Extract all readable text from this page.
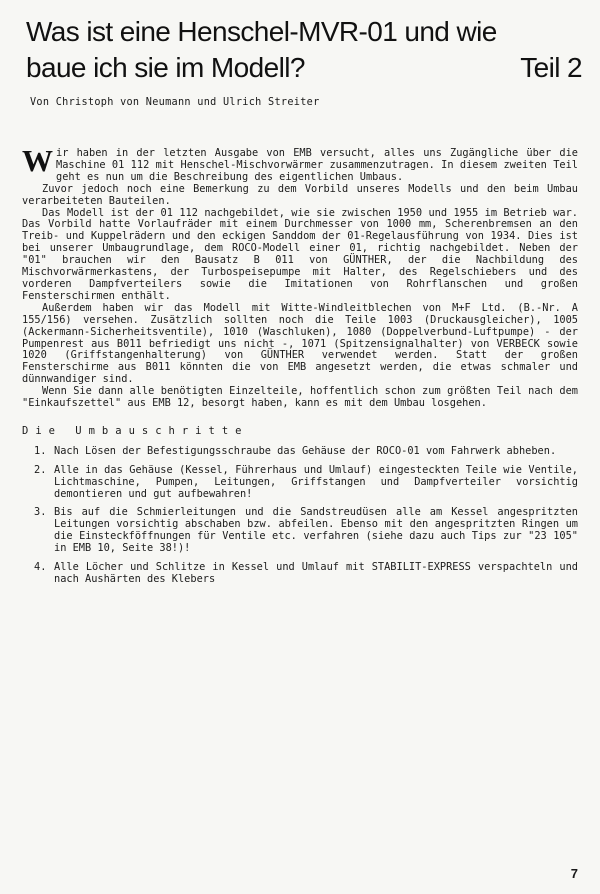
Was ist eine Henschel-MVR-01 und wie
baue ich sie im Modell?	Teil 2
Von Christoph von Neumann und Ulrich Streiter

Wir haben in der letzten Ausgabe von EMB versucht, alles uns Zugängliche über die Maschine 01 112 mit Henschel-Mischvorwärmer zusammenzutragen. In diesem zweiten Teil geht es nun um die Beschreibung des eigentlichen Umbaus.

Zuvor jedoch noch eine Bemerkung zu dem Vorbild unseres Modells und den beim Umbau verarbeiteten Bauteilen.

Das Modell ist der 01 112 nachgebildet, wie sie zwischen 1950 und 1955 im Betrieb war. Das Vorbild hatte Vorlaufräder mit einem Durchmesser von 1000 mm, Scherenbremsen an den Treib- und Kuppelrädern und den eckigen Sanddom der 01-Regelausführung von 1934. Dies ist bei unserer Umbaugrundlage, dem ROCO-Modell einer 01, richtig nachgebildet. Neben der "01" brauchen wir den Bausatz B 011 von GÜNTHER, der die Nachbildung des Mischvorwärmerkastens, der Turbospeisepumpe mit Halter, des Regelschiebers und des vorderen Dampfverteilers sowie die Imitationen von Rohrflanschen und großen Fensterschirmen enthält.

Außerdem haben wir das Modell mit Witte-Windleitblechen von M+F Ltd. (B.-Nr. A 155/156) versehen. Zusätzlich sollten noch die Teile 1003 (Druckausgleicher), 1005 (Ackermann-Sicherheitsventile), 1010 (Waschluken), 1080 (Doppelverbund-Luftpumpe) - der Pumpenrest aus B011 befriedigt uns nicht -, 1071 (Spitzensignalhalter) von VERBECK sowie 1020 (Griffstangenhalterung) von GÜNTHER verwendet werden. Statt der großen Fensterschirme aus B011 könnten die von EMB angesetzt werden, die etwas schmaler und dünnwandiger sind.

Wenn Sie dann alle benötigten Einzelteile, hoffentlich schon zum größten Teil nach dem "Einkaufszettel" aus EMB 12, besorgt haben, kann es mit dem Umbau losgehen.

Die Umbauschritte
1. Nach Lösen der Befestigungsschraube das Gehäuse der ROCO-01 vom Fahrwerk abheben.
2. Alle in das Gehäuse (Kessel, Führerhaus und Umlauf) eingesteckten Teile wie Ventile, Lichtmaschine, Pumpen, Leitungen, Griffstangen und Dampfverteiler vorsichtig demontieren und gut aufbewahren!
3. Bis auf die Schmierleitungen und die Sandstreudüsen alle am Kessel angespritzten Leitungen vorsichtig abschaben bzw. abfeilen. Ebenso mit den angespritzten Ringen um die Einsteckföffnungen für Ventile etc. verfahren (siehe dazu auch Tips zur "23 105" in EMB 10, Seite 38!)!
4. Alle Löcher und Schlitze in Kessel und Umlauf mit STABILIT-EXPRESS verspachteln und nach Aushärten des Klebers
7
